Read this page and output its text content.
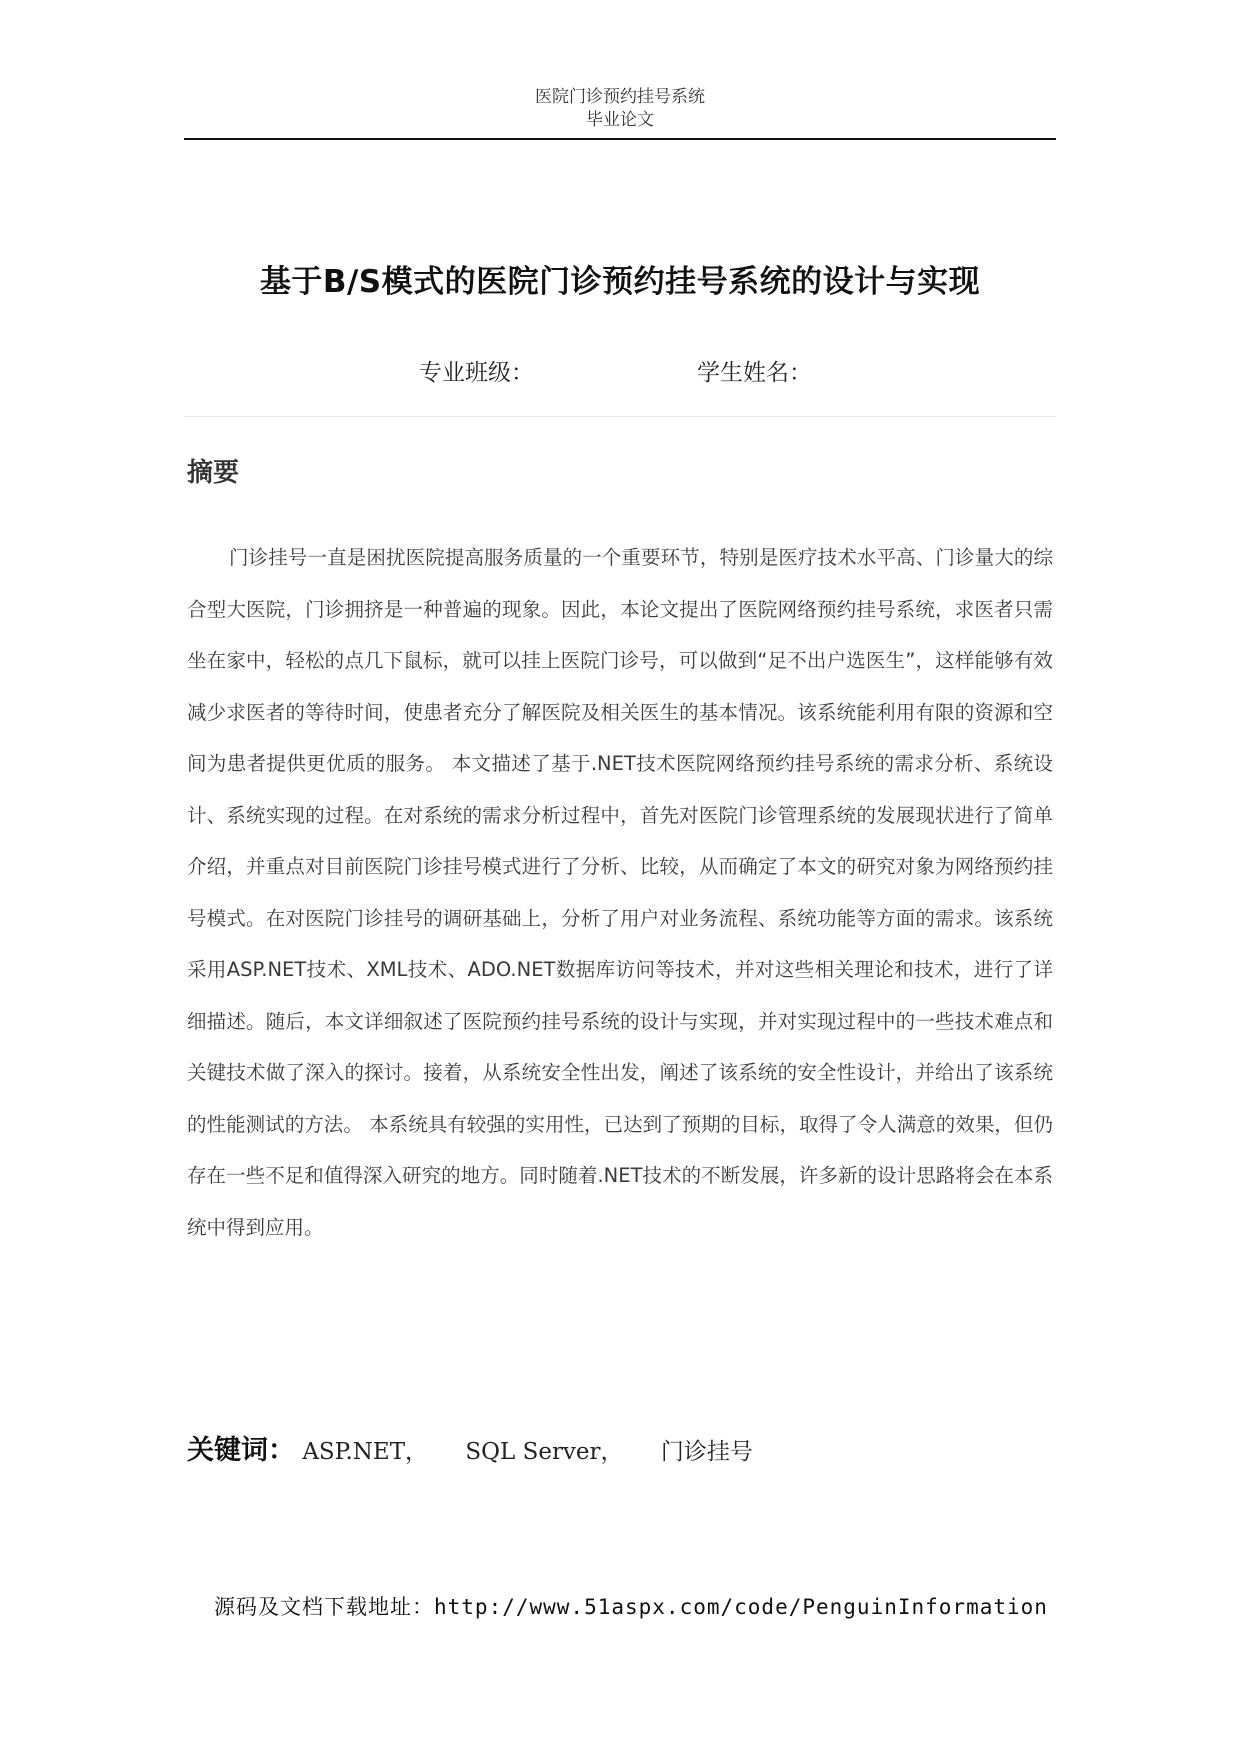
医院门诊预约挂号系统
毕业论文
基于B/S模式的医院门诊预约挂号系统的设计与实现
专业班级：	学生姓名：
摘要
门诊挂号一直是困扰医院提高服务质量的一个重要环节，特别是医疗技术水平高、门诊量大的综合型大医院，门诊拥挤是一种普遍的现象。因此，本论文提出了医院网络预约挂号系统，求医者只需坐在家中，轻松的点几下鼠标，就可以挂上医院门诊号，可以做到“足不出户选医生”，这样能够有效减少求医者的等待时间，使患者充分了解医院及相关医生的基本情况。该系统能利用有限的资源和空间为患者提供更优质的服务。 本文描述了基于.NET技术医院网络预约挂号系统的需求分析、系统设计、系统实现的过程。在对系统的需求分析过程中，首先对医院门诊管理系统的发展现状进行了简单介绍，并重点对目前医院门诊挂号模式进行了分析、比较，从而确定了本文的研究对象为网络预约挂号模式。在对医院门诊挂号的调研基础上，分析了用户对业务流程、系统功能等方面的需求。该系统采用ASP.NET技术、XML技术、ADO.NET数据库访问等技术，并对这些相关理论和技术，进行了详细描述。随后，本文详细叙述了医院预约挂号系统的设计与实现，并对实现过程中的一些技术难点和关键技术做了深入的探讨。接着，从系统安全性出发，阐述了该系统的安全性设计，并给出了该系统的性能测试的方法。 本系统具有较强的实用性，已达到了预期的目标，取得了令人满意的效果，但仍存在一些不足和值得深入研究的地方。同时随着.NET技术的不断发展，许多新的设计思路将会在本系统中得到应用。
关键词： ASP.NET， SQL Server， 门诊挂号
源码及文档下载地址：http://www.51aspx.com/code/PenguinInformation
